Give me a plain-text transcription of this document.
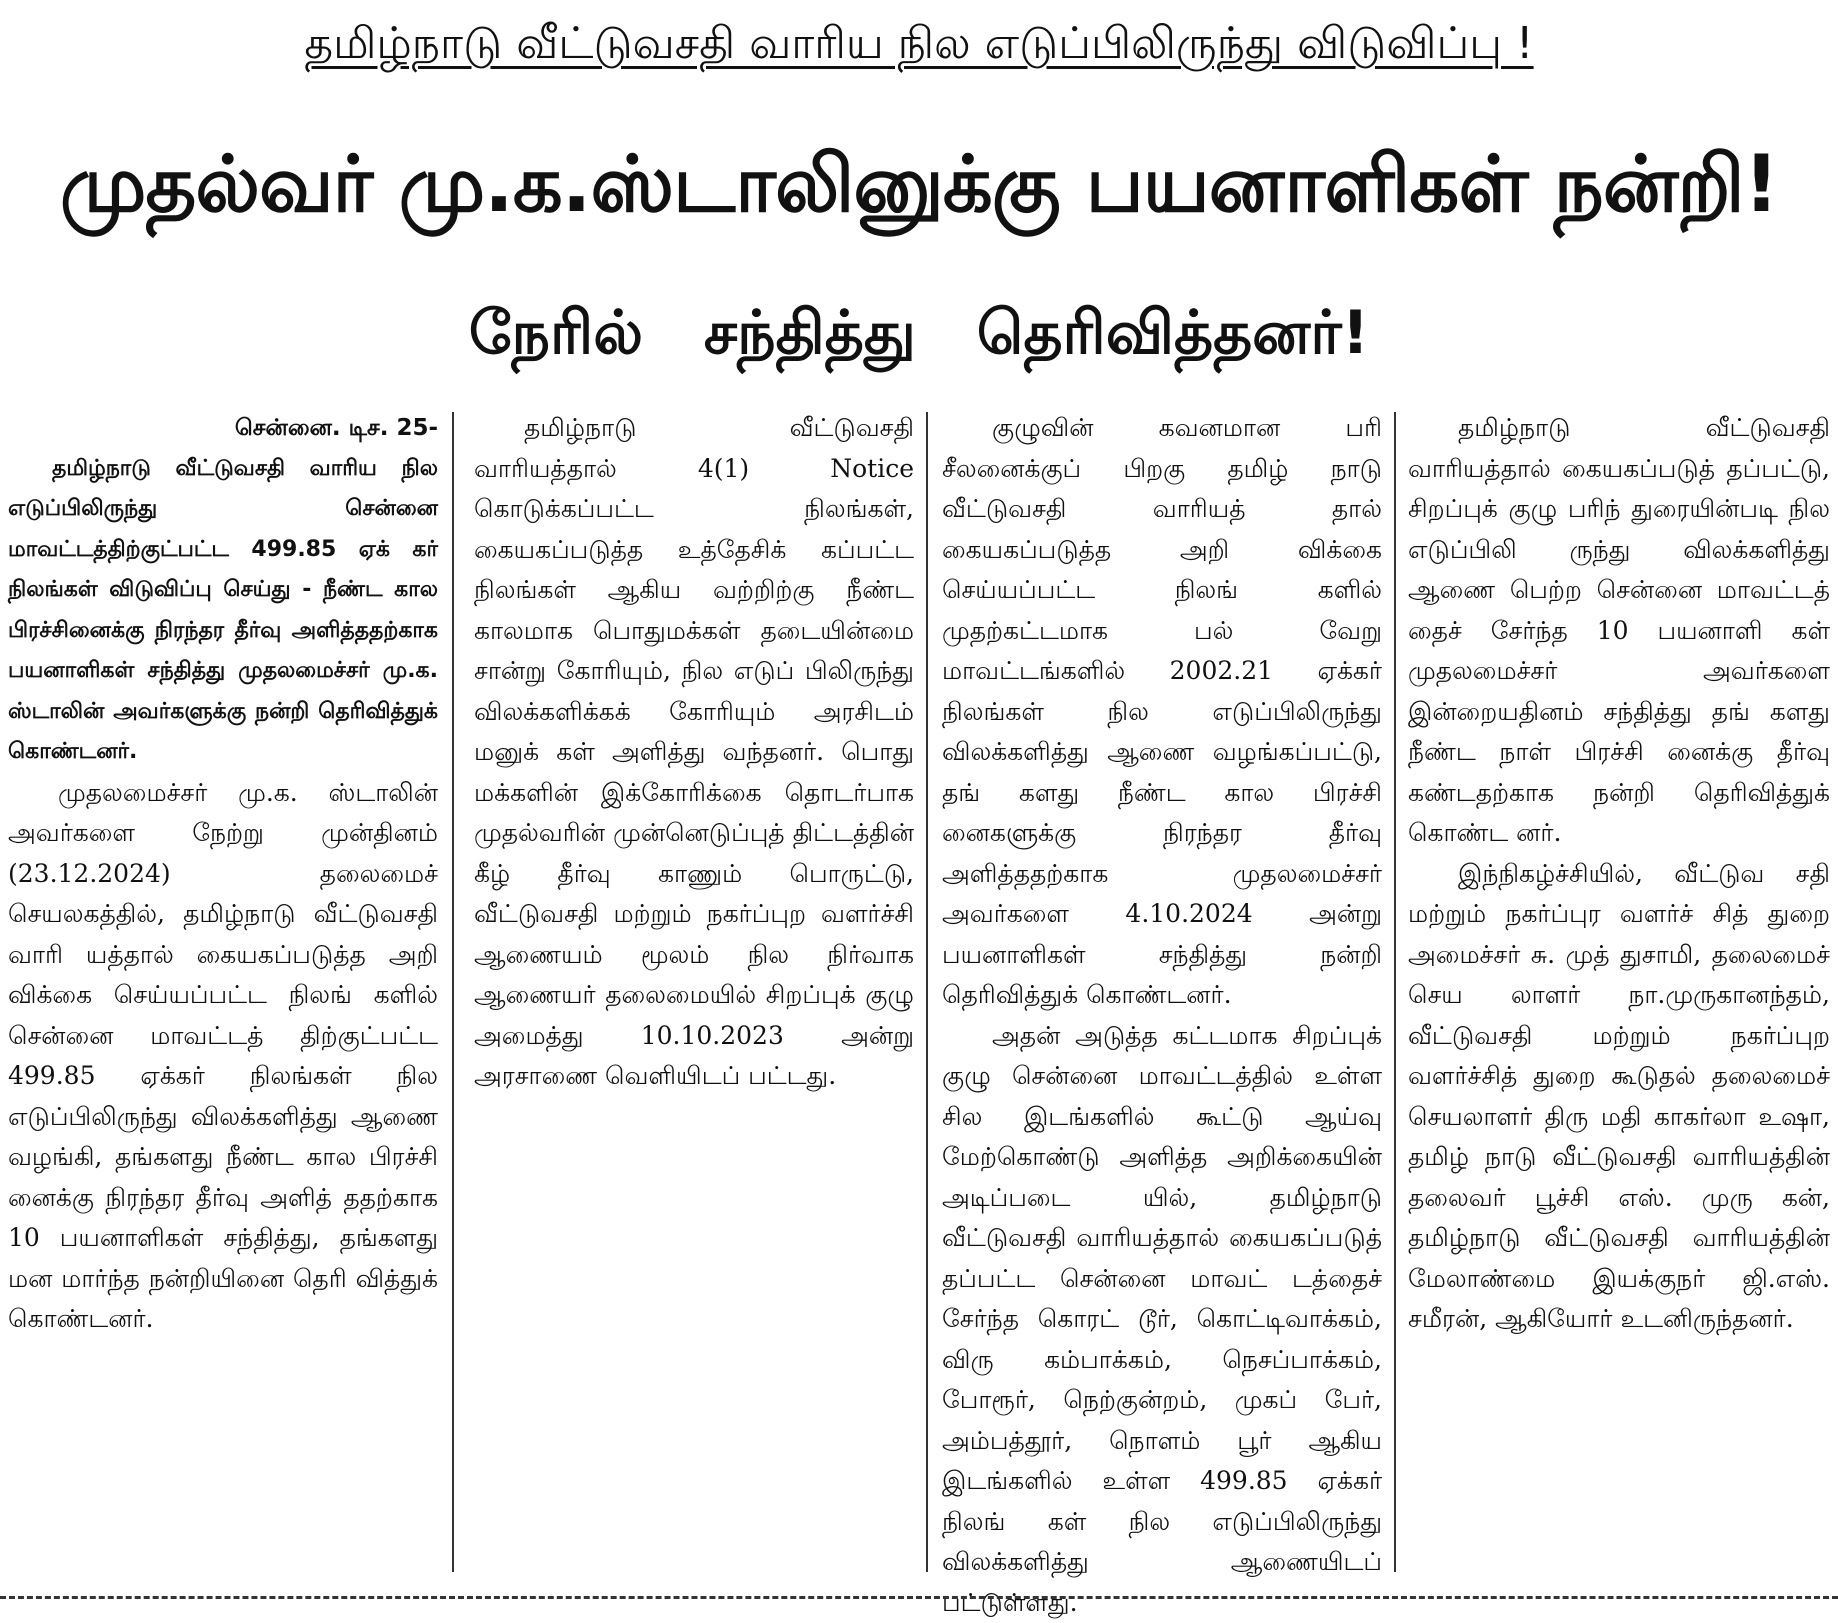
தமிழ்நாடு வீட்டுவசதி வாரிய நில எடுப்பிலிருந்து விடுவிப்பு !
முதல்வர் மு.க.ஸ்டாலினுக்கு பயனாளிகள் நன்றி!
நேரில் சந்தித்து தெரிவித்தனர்!

சென்னை. டிச. 25-

தமிழ்நாடு வீட்டுவசதி வாரிய நில எடுப்பிலிருந்து சென்னை மாவட்டத்திற்குட்பட்ட 499.85 ஏக் கர் நிலங்கள் விடுவிப்பு செய்து - நீண்ட கால பிரச்சினைக்கு நிரந்தர தீர்வு அளித்ததற்காக பயனாளிகள் சந்தித்து முதலமைச்சர் மு.க. ஸ்டாலின் அவர்களுக்கு நன்றி தெரிவித்துக் கொண்டனர்.

முதலமைச்சர் மு.க. ஸ்டாலின் அவர்களை நேற்று முன்தினம் (23.12.2024) தலைமைச் செயலகத்தில், தமிழ்நாடு வீட்டுவசதி வாரி யத்தால் கையகப்படுத்த அறி விக்கை செய்யப்பட்ட நிலங் களில் சென்னை மாவட்டத் திற்குட்பட்ட 499.85 ஏக்கர் நிலங்கள் நில எடுப்பிலிருந்து விலக்களித்து ஆணை வழங்கி, தங்களது நீண்ட கால பிரச்சி னைக்கு நிரந்தர தீர்வு அளித் ததற்காக 10 பயனாளிகள் சந்தித்து, தங்களது மன மார்ந்த நன்றியினை தெரி வித்துக் கொண்டனர்.

தமிழ்நாடு வீட்டுவசதி வாரியத்தால் 4(1) Notice கொடுக்கப்பட்ட நிலங்கள், கையகப்படுத்த உத்தேசிக் கப்பட்ட நிலங்கள் ஆகிய வற்றிற்கு நீண்ட காலமாக பொதுமக்கள் தடையின்மை சான்று கோரியும், நில எடுப் பிலிருந்து விலக்களிக்கக் கோரியும் அரசிடம் மனுக் கள் அளித்து வந்தனர். பொது மக்களின் இக்கோரிக்கை தொடர்பாக முதல்வரின் முன்னெடுப்புத் திட்டத்தின் கீழ் தீர்வு காணும் பொருட்டு, வீட்டுவசதி மற்றும் நகர்ப்புற வளர்ச்சி ஆணையம் மூலம் நில நிர்வாக ஆணையர் தலைமையில் சிறப்புக் குழு அமைத்து 10.10.2023 அன்று அரசாணை வெளியிடப் பட்டது.

குழுவின் கவனமான பரி சீலனைக்குப் பிறகு தமிழ் நாடு வீட்டுவசதி வாரியத் தால் கையகப்படுத்த அறி விக்கை செய்யப்பட்ட நிலங் களில் முதற்கட்டமாக பல் வேறு மாவட்டங்களில் 2002.21 ஏக்கர் நிலங்கள் நில எடுப்பிலிருந்து விலக்களித்து ஆணை வழங்கப்பட்டு, தங் களது நீண்ட கால பிரச்சி னைகளுக்கு நிரந்தர தீர்வு அளித்ததற்காக முதலமைச்சர் அவர்களை 4.10.2024 அன்று பயனாளிகள் சந்தித்து நன்றி தெரிவித்துக் கொண்டனர்.

அதன் அடுத்த கட்டமாக சிறப்புக் குழு சென்னை மாவட்டத்தில் உள்ள சில இடங்களில் கூட்டு ஆய்வு மேற்கொண்டு அளித்த அறிக்கையின் அடிப்படை யில், தமிழ்நாடு வீட்டுவசதி வாரியத்தால் கையகப்படுத் தப்பட்ட சென்னை மாவட் டத்தைச் சேர்ந்த கொரட் டூர், கொட்டிவாக்கம், விரு கம்பாக்கம், நெசப்பாக்கம், போரூர், நெற்குன்றம், முகப் பேர், அம்பத்தூர், நொளம் பூர் ஆகிய இடங்களில் உள்ள 499.85 ஏக்கர் நிலங் கள் நில எடுப்பிலிருந்து விலக்களித்து ஆணையிடப் பட்டுள்ளது.

தமிழ்நாடு வீட்டுவசதி வாரியத்தால் கையகப்படுத் தப்பட்டு, சிறப்புக் குழு பரிந் துரையின்படி நில எடுப்பிலி ருந்து விலக்களித்து ஆணை பெற்ற சென்னை மாவட்டத் தைச் சேர்ந்த 10 பயனாளி கள் முதலமைச்சர் அவர்களை இன்றையதினம் சந்தித்து தங் களது நீண்ட நாள் பிரச்சி னைக்கு தீர்வு கண்டதற்காக நன்றி தெரிவித்துக் கொண்ட னர்.

இந்நிகழ்ச்சியில், வீட்டுவ சதி மற்றும் நகர்ப்புர வளர்ச் சித் துறை அமைச்சர் சு. முத் துசாமி, தலைமைச் செய லாளர் நா.முருகானந்தம், வீட்டுவசதி மற்றும் நகர்ப்புற வளர்ச்சித் துறை கூடுதல் தலைமைச் செயலாளர் திரு மதி காகர்லா உஷா, தமிழ் நாடு வீட்டுவசதி வாரியத்தின் தலைவர் பூச்சி எஸ். முரு கன், தமிழ்நாடு வீட்டுவசதி வாரியத்தின் மேலாண்மை இயக்குநர் ஜி.எஸ். சமீரன், ஆகியோர் உடனிருந்தனர்.
